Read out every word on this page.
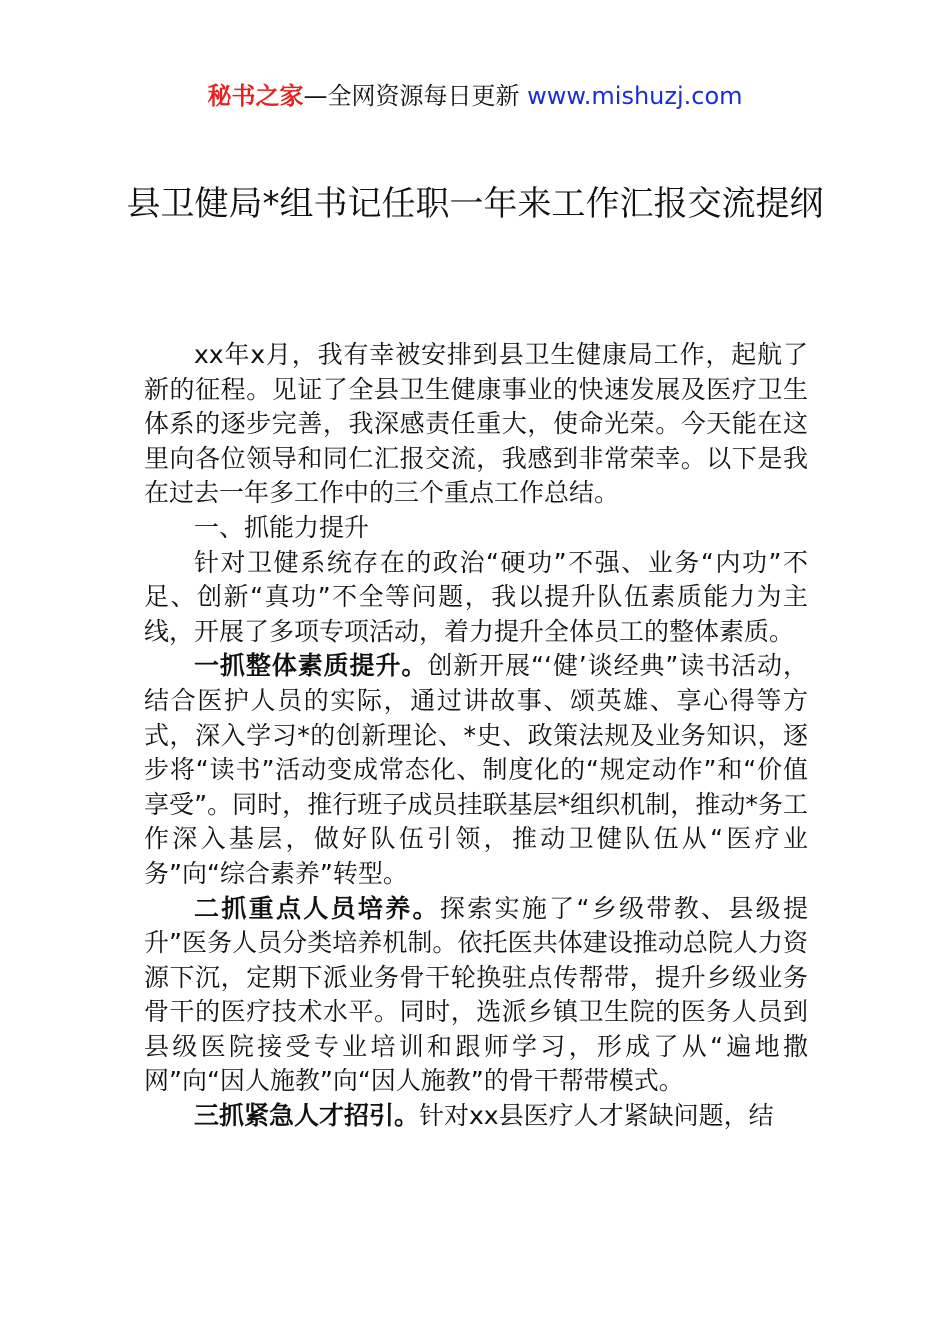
秘书之家—全网资源每日更新 www.mishuzj.com
县卫健局*组书记任职一年来工作汇报交流提纲

xx年x月，我有幸被安排到县卫生健康局工作，起航了新的征程。见证了全县卫生健康事业的快速发展及医疗卫生体系的逐步完善，我深感责任重大，使命光荣。今天能在这里向各位领导和同仁汇报交流，我感到非常荣幸。以下是我在过去一年多工作中的三个重点工作总结。

一、抓能力提升

针对卫健系统存在的政治“硬功”不强、业务“内功”不足、创新“真功”不全等问题，我以提升队伍素质能力为主线，开展了多项专项活动，着力提升全体员工的整体素质。

一抓整体素质提升。创新开展“‘健’谈经典”读书活动，结合医护人员的实际，通过讲故事、颂英雄、享心得等方式，深入学习*的创新理论、*史、政策法规及业务知识，逐步将“读书”活动变成常态化、制度化的“规定动作”和“价值享受”。同时，推行班子成员挂联基层*组织机制，推动*务工作深入基层，做好队伍引领，推动卫健队伍从“医疗业务”向“综合素养”转型。

二抓重点人员培养。探索实施了“乡级带教、县级提升”医务人员分类培养机制。依托医共体建设推动总院人力资源下沉，定期下派业务骨干轮换驻点传帮带，提升乡级业务骨干的医疗技术水平。同时，选派乡镇卫生院的医务人员到县级医院接受专业培训和跟师学习，形成了从“遍地撒网”向“因人施教”向“因人施教”的骨干帮带模式。

三抓紧急人才招引。针对xx县医疗人才紧缺问题，结
